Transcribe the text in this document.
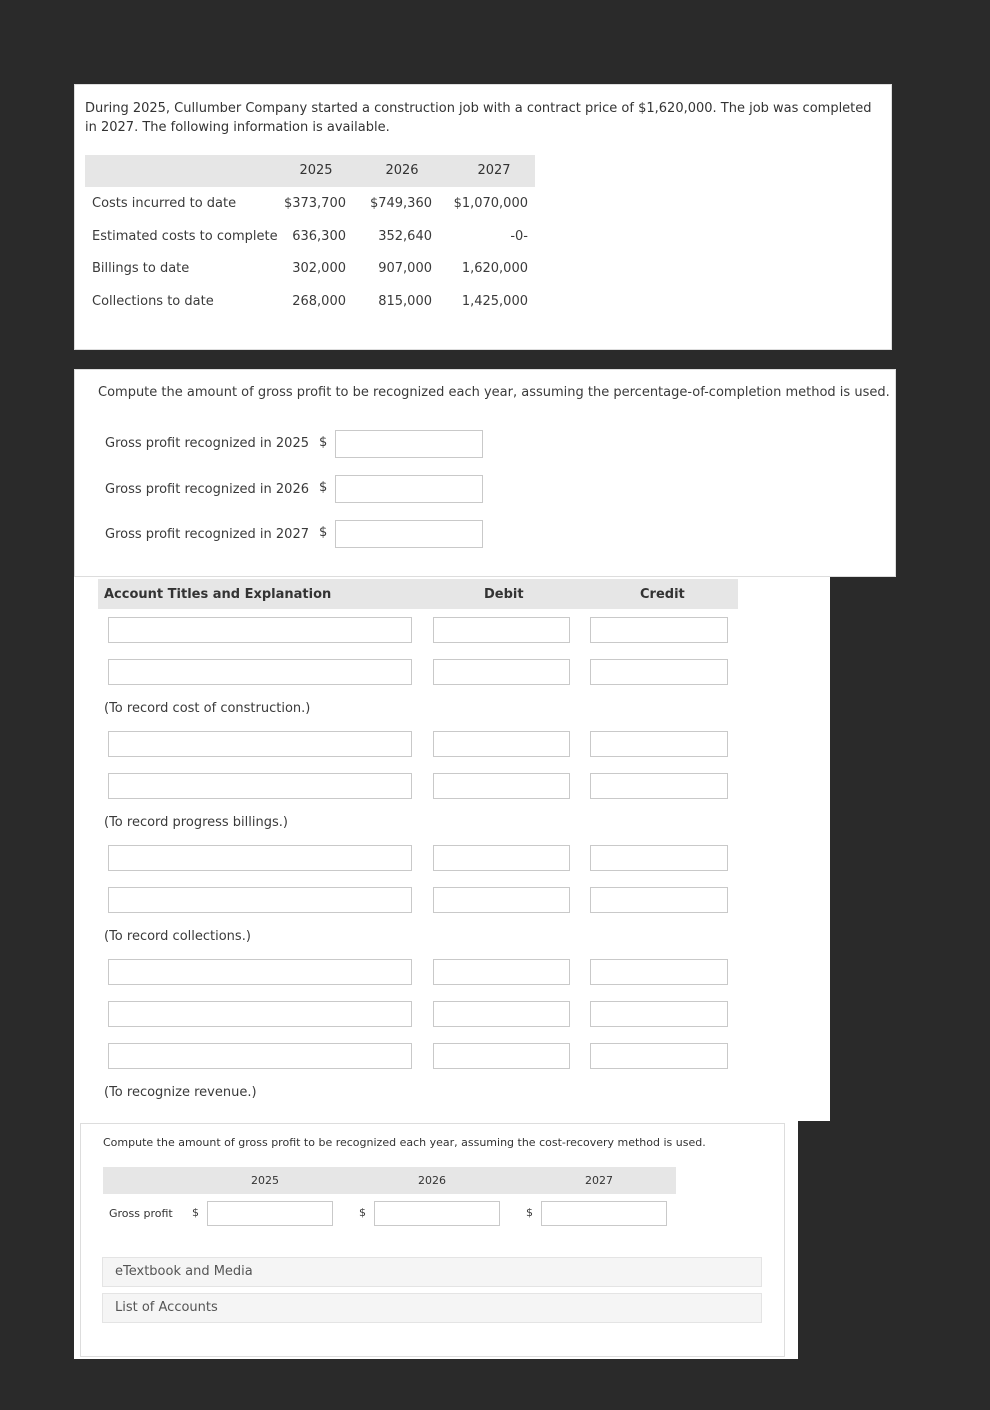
During 2025, Cullumber Company started a construction job with a contract price of $1,620,000. The job was completed in 2027. The following information is available.
2025	2026	2027
Costs incurred to date	$373,700	$749,360	$1,070,000
Estimated costs to complete	636,300	352,640	-0-
Billings to date	302,000	907,000	1,620,000
Collections to date	268,000	815,000	1,425,000
Compute the amount of gross profit to be recognized each year, assuming the percentage-of-completion method is used.
Gross profit recognized in 2025 $
Gross profit recognized in 2026 $
Gross profit recognized in 2027 $
Account Titles and Explanation	Debit	Credit
(To record cost of construction.)
(To record progress billings.)
(To record collections.)
(To recognize revenue.)
Compute the amount of gross profit to be recognized each year, assuming the cost-recovery method is used.
2025	2026	2027
Gross profit $	$	$
eTextbook and Media
List of Accounts
